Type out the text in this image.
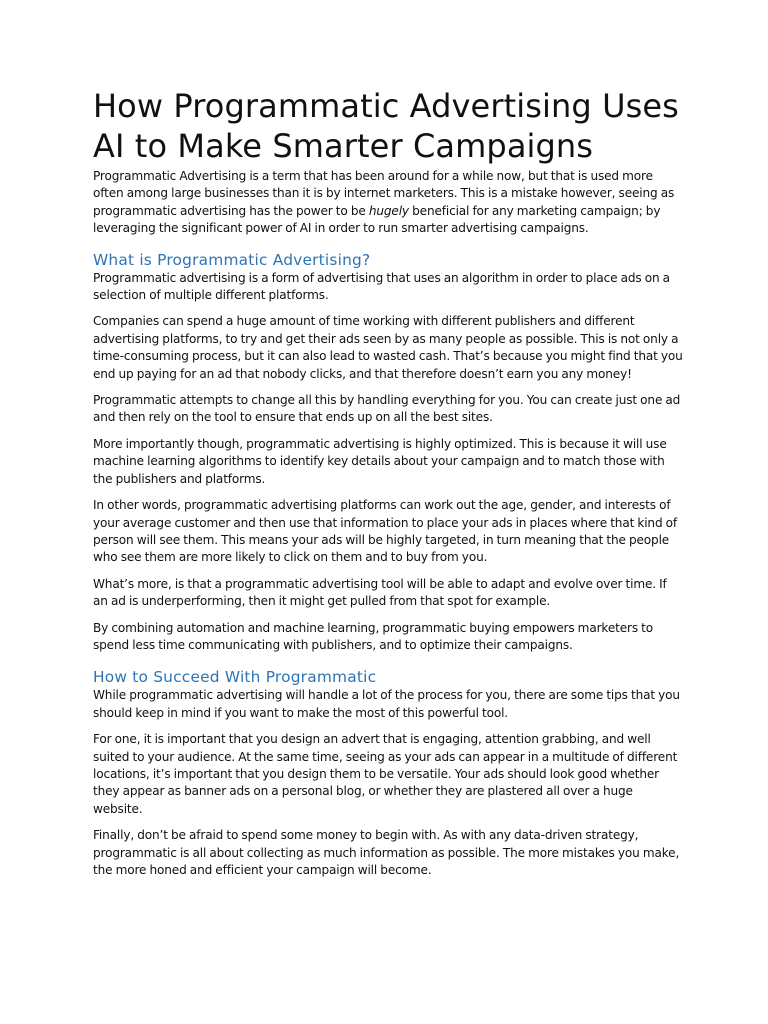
How Programmatic Advertising Uses AI to Make Smarter Campaigns

Programmatic Advertising is a term that has been around for a while now, but that is used more often among large businesses than it is by internet marketers. This is a mistake however, seeing as programmatic advertising has the power to be hugely beneficial for any marketing campaign; by leveraging the significant power of AI in order to run smarter advertising campaigns.

What is Programmatic Advertising?

Programmatic advertising is a form of advertising that uses an algorithm in order to place ads on a selection of multiple different platforms.

Companies can spend a huge amount of time working with different publishers and different advertising platforms, to try and get their ads seen by as many people as possible. This is not only a time-consuming process, but it can also lead to wasted cash. That’s because you might find that you end up paying for an ad that nobody clicks, and that therefore doesn’t earn you any money!

Programmatic attempts to change all this by handling everything for you. You can create just one ad and then rely on the tool to ensure that ends up on all the best sites.

More importantly though, programmatic advertising is highly optimized. This is because it will use machine learning algorithms to identify key details about your campaign and to match those with the publishers and platforms.

In other words, programmatic advertising platforms can work out the age, gender, and interests of your average customer and then use that information to place your ads in places where that kind of person will see them. This means your ads will be highly targeted, in turn meaning that the people who see them are more likely to click on them and to buy from you.

What’s more, is that a programmatic advertising tool will be able to adapt and evolve over time. If an ad is underperforming, then it might get pulled from that spot for example.

By combining automation and machine learning, programmatic buying empowers marketers to spend less time communicating with publishers, and to optimize their campaigns.

How to Succeed With Programmatic

While programmatic advertising will handle a lot of the process for you, there are some tips that you should keep in mind if you want to make the most of this powerful tool.

For one, it is important that you design an advert that is engaging, attention grabbing, and well suited to your audience. At the same time, seeing as your ads can appear in a multitude of different locations, it’s important that you design them to be versatile. Your ads should look good whether they appear as banner ads on a personal blog, or whether they are plastered all over a huge website.

Finally, don’t be afraid to spend some money to begin with. As with any data-driven strategy, programmatic is all about collecting as much information as possible. The more mistakes you make, the more honed and efficient your campaign will become.
